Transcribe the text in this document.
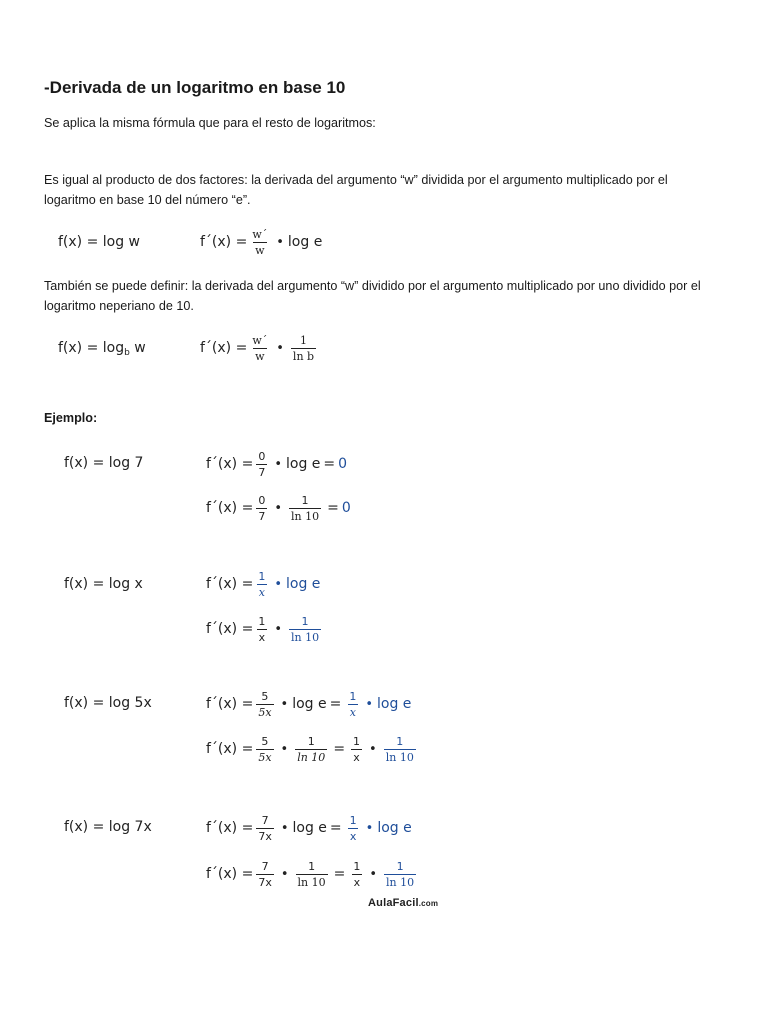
-Derivada de un logaritmo en base 10
Se aplica la misma fórmula que para el resto de logaritmos:
Es igual al producto de dos factores: la derivada del argumento “w” dividida por el argumento multiplicado por el
logaritmo en base 10 del número “e”.
f(x) = log w	f´(x) = $\frac{w´}{w}$ • log e
También se puede definir: la derivada del argumento “w” dividido por el argumento multiplicado por uno dividido por el
logaritmo neperiano de 10.
$f(x) = \log_b w$	f´(x) = $\frac{w´}{w}$ • $\frac{1}{\text{ln b}}$
Ejemplo:
f(x) = log 7	f´(x) = $\frac{0}{7}$ • log e = 0
f´(x) = $\frac{0}{7}$ • $\frac{1}{\ln 10} = 0$
f(x) = log x	f´(x) = $\frac{1}{x}$ • log e
f´(x) = $\frac{1}{x}$ • $\frac{1}{\ln 10}$
f(x) = log 5x	f´(x) = $\frac{5}{5x}$ • $\log e = \frac{1}{x}$ • log e
f´(x) = $\frac{5}{5x}$ • $\frac{1}{\ln 10} = \frac{1}{x}$ • $\frac{1}{\ln 10}$
f(x) = log 7x	f´(x) = $\frac{7}{7x}$ • $\log e = \frac{1}{x}$ • log e
f´(x) = $\frac{7}{7x}$ • $\frac{1}{\ln 10} = \frac{1}{x}$ • $\frac{1}{\ln 10}$
AulaFacil.com
